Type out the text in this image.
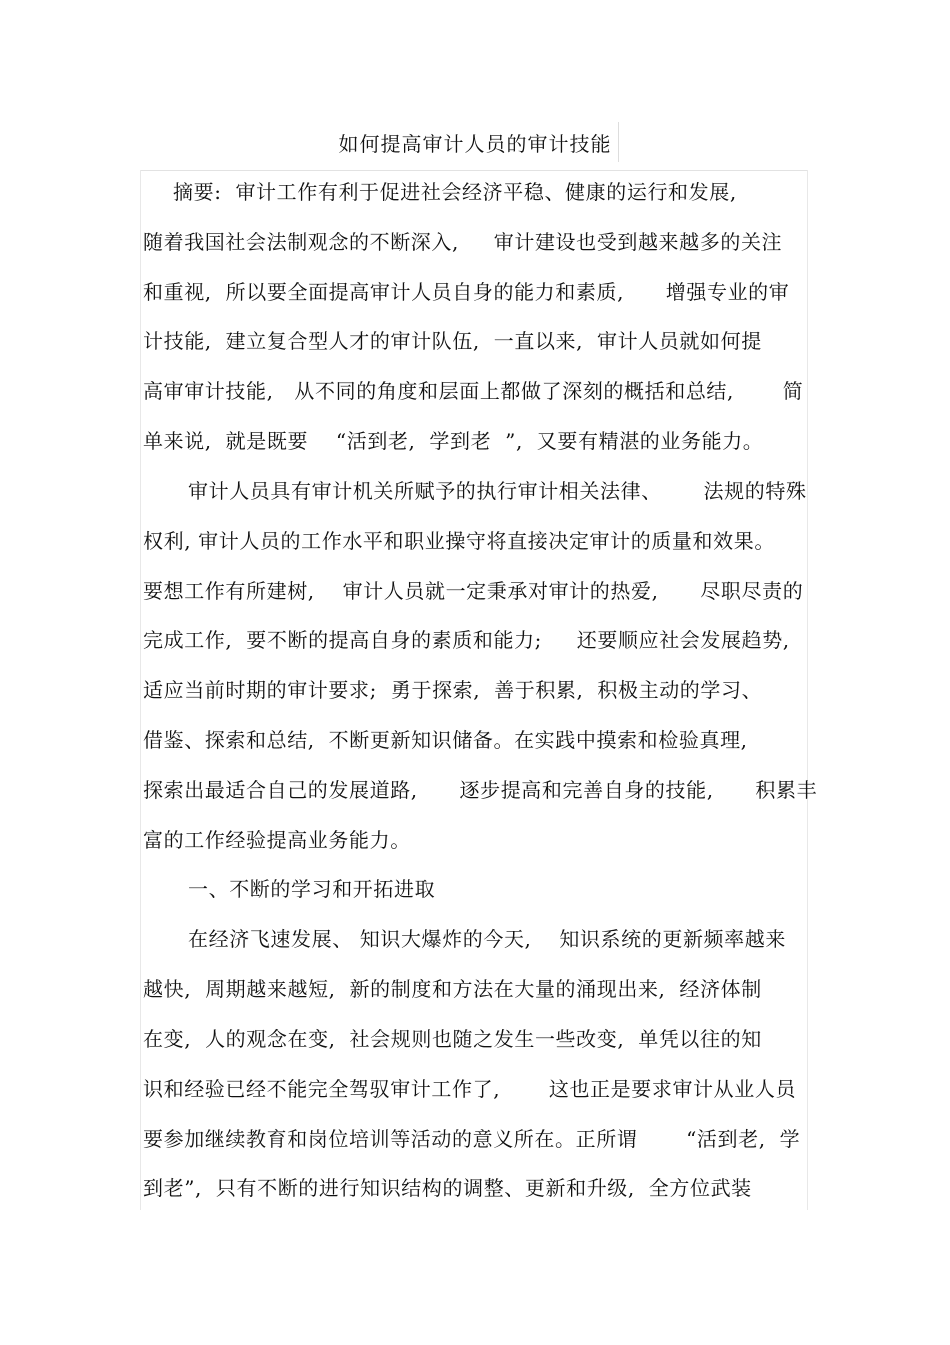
如何提高审计人员的审计技能
摘要:  审计工作有利于促进社会经济平稳、健康的运行和发展,
随着我国社会法制观念的不断深入,     审计建设也受到越来越多的关注
和重视,  所以要全面提高审计人员自身的能力和素质,      增强专业的审
计技能,  建立复合型人才的审计队伍,  一直以来,  审计人员就如何提
高审审计技能,   从不同的角度和层面上都做了深刻的概括和总结,       简
单来说,  就是既要    “活到老,  学到老  ”,  又要有精湛的业务能力。
审计人员具有审计机关所赋予的执行审计相关法律、      法规的特殊
权利, 审计人员的工作水平和职业操守将直接决定审计的质量和效果。
要想工作有所建树,    审计人员就一定秉承对审计的热爱,      尽职尽责的
完成工作,  要不断的提高自身的素质和能力;     还要顺应社会发展趋势,
适应当前时期的审计要求;  勇于探索,  善于积累,  积极主动的学习、
借鉴、探索和总结,  不断更新知识储备。在实践中摸索和检验真理,
探索出最适合自己的发展道路,      逐步提高和完善自身的技能,      积累丰
富的工作经验提高业务能力。
一、不断的学习和开拓进取
在经济飞速发展、 知识大爆炸的今天,    知识系统的更新频率越来
越快,  周期越来越短,  新的制度和方法在大量的涌现出来,  经济体制
在变,  人的观念在变,  社会规则也随之发生一些改变,  单凭以往的知
识和经验已经不能完全驾驭审计工作了,       这也正是要求审计从业人员
要参加继续教育和岗位培训等活动的意义所在。正所谓       “活到老,  学
到老”,  只有不断的进行知识结构的调整、更新和升级,  全方位武装
